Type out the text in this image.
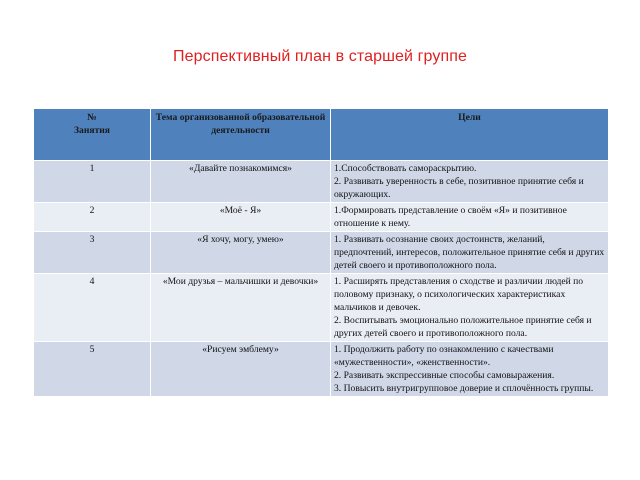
Перспективный план в старшей группе
№
Занятия	Тема организованной образовательной деятельности	Цели
1	«Давайте познакомимся»	1.Способствовать самораскрытию.
2. Развивать уверенность в себе, позитивное принятие себя и окружающих.

2	«Моё - Я»	1.Формировать представление о своём «Я» и позитивное отношение к нему.

3	«Я хочу, могу, умею»	1. Развивать осознание своих достоинств, желаний, предпочтений, интересов, положительное принятие себя и других детей своего и противоположного пола.

4	«Мои друзья – мальчишки и девочки»	1. Расширять представления о сходстве и различии людей по половому признаку, о психологических характеристиках мальчиков и девочек.
2. Воспитывать эмоционально положительное принятие себя и других детей своего и противоположного пола.

5	«Рисуем эмблему»	1. Продолжить работу по ознакомлению с качествами «мужественности», «женственности».
2. Развивать экспрессивные способы самовыражения.
3. Повысить внутригрупповое доверие и сплочённость группы.
